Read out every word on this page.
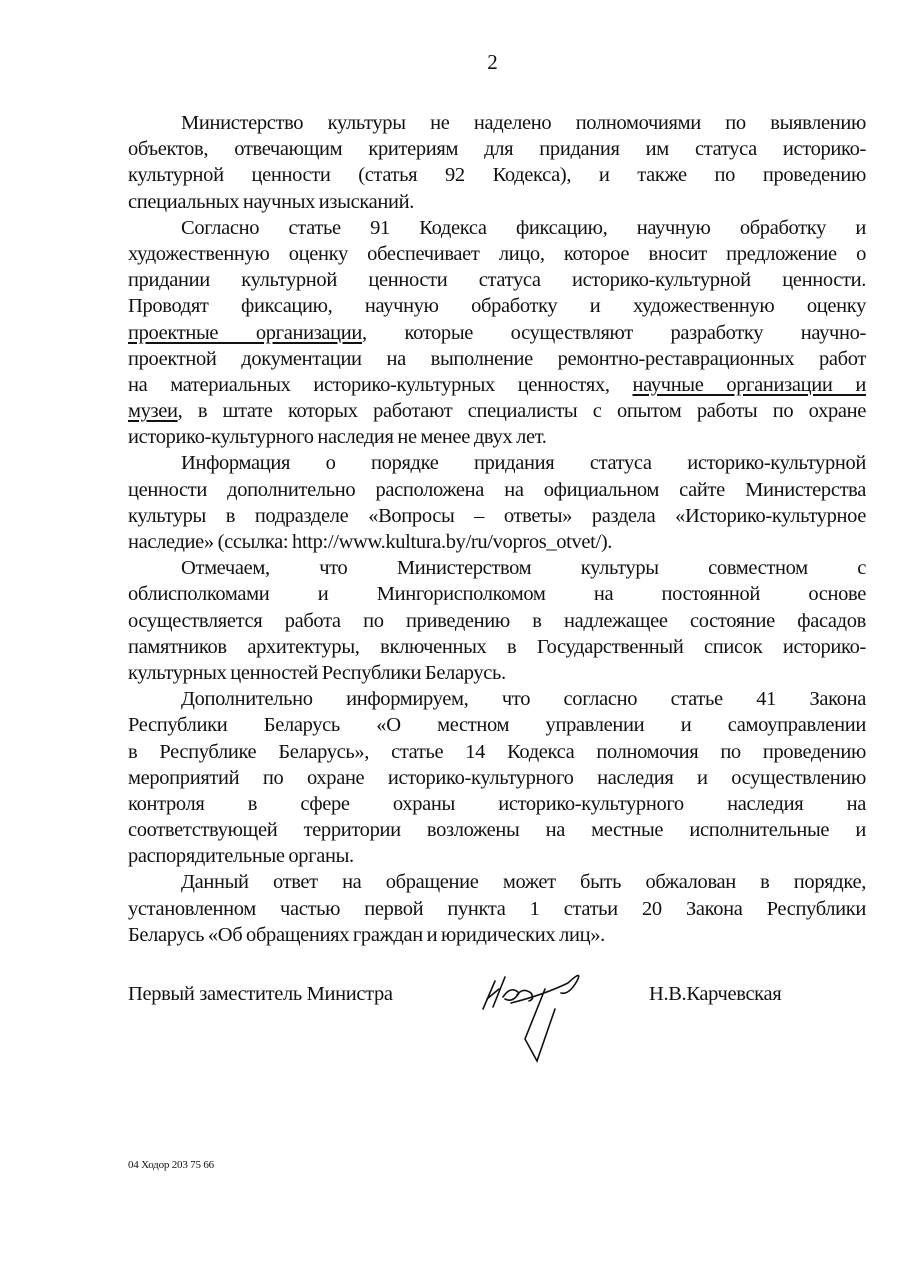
2
Министерство культуры не наделено полномочиями по выявлению
объектов, отвечающим критериям для придания им статуса историко-
культурной ценности (статья 92 Кодекса), и также по проведению
специальных научных изысканий.
Согласно статье 91 Кодекса фиксацию, научную обработку и
художественную оценку обеспечивает лицо, которое вносит предложение о
придании культурной ценности статуса историко-культурной ценности.
Проводят фиксацию, научную обработку и художественную оценку
проектные организации, которые осуществляют разработку научно-
проектной документации на выполнение ремонтно-реставрационных работ
на материальных историко-культурных ценностях, научные организации и
музеи, в штате которых работают специалисты с опытом работы по охране
историко-культурного наследия не менее двух лет.
Информация о порядке придания статуса историко-культурной
ценности дополнительно расположена на официальном сайте Министерства
культуры в подразделе «Вопросы – ответы» раздела «Историко-культурное
наследие» (ссылка: http://www.kultura.by/ru/vopros_otvet/).
Отмечаем, что Министерством культуры совместном с
облисполкомами и Мингорисполкомом на постоянной основе
осуществляется работа по приведению в надлежащее состояние фасадов
памятников архитектуры, включенных в Государственный список историко-
культурных ценностей Республики Беларусь.
Дополнительно информируем, что согласно статье 41 Закона
Республики Беларусь «О местном управлении и самоуправлении
в Республике Беларусь», статье 14 Кодекса полномочия по проведению
мероприятий по охране историко-культурного наследия и осуществлению
контроля в сфере охраны историко-культурного наследия на
соответствующей территории возложены на местные исполнительные и
распорядительные органы.
Данный ответ на обращение может быть обжалован в порядке,
установленном частью первой пункта 1 статьи 20 Закона Республики
Беларусь «Об обращениях граждан и юридических лиц».
Первый заместитель Министра	Н.В.Карчевская
04 Ходор 203 75 66
